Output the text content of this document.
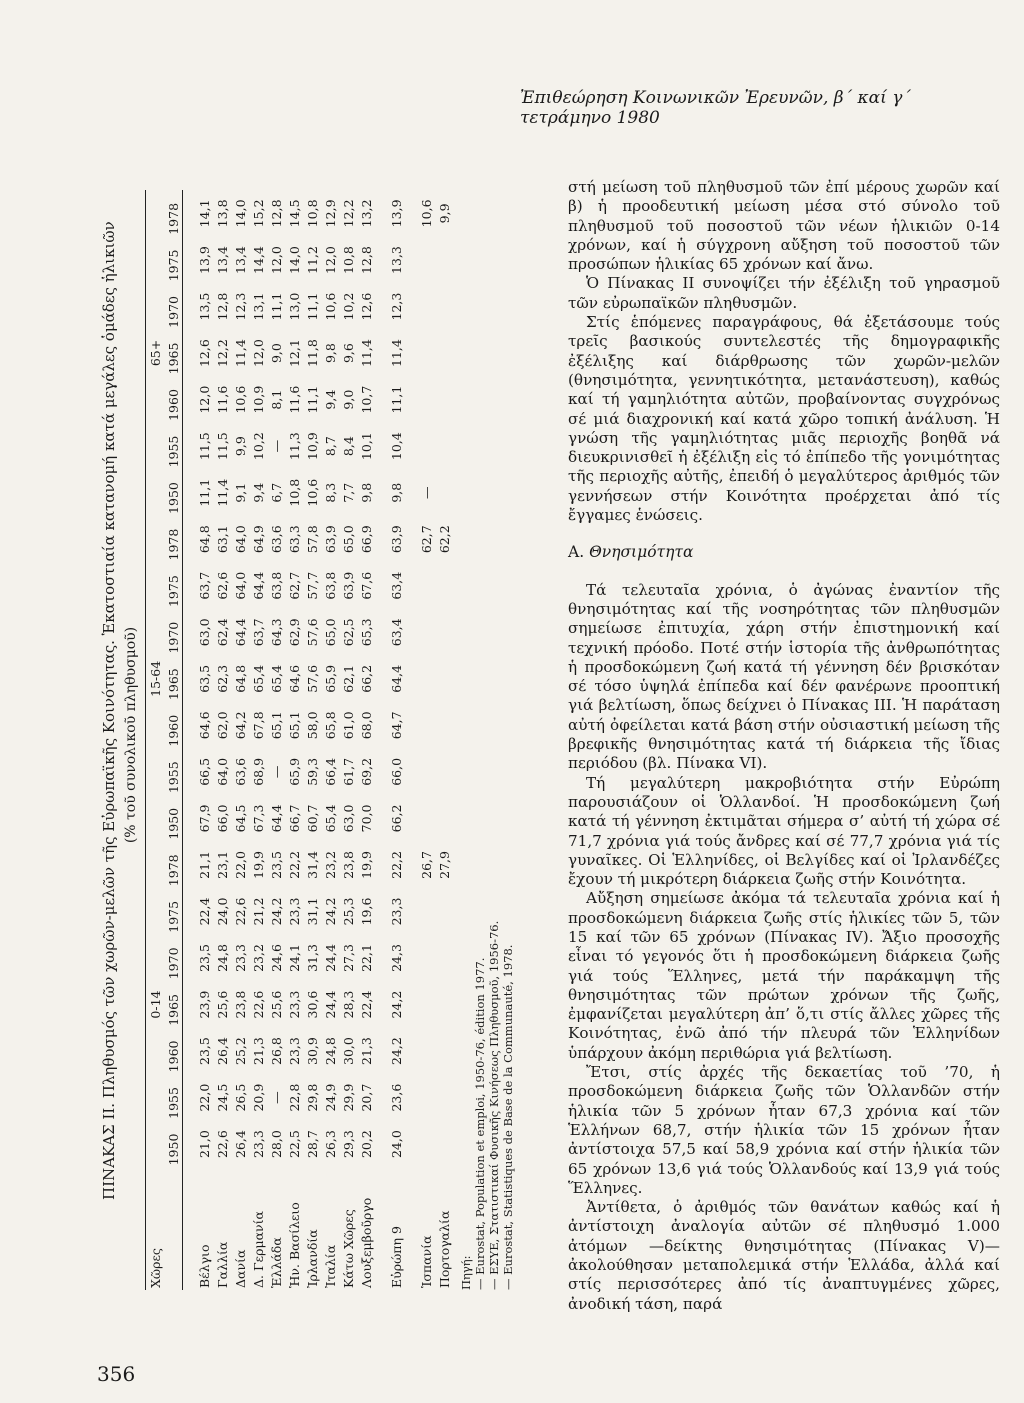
Ἐπιθεώρηση Κοινωνικῶν Ἐρευνῶν, β΄ καί γ΄ τετράμηνο 1980
ΠΙΝΑΚΑΣ ΙΙ. Πληθυσμός τῶν χωρῶν-μελῶν τῆς Εὐρωπαϊκῆς Κοινότητας. Ἑκατοστιαία κατανομή κατά μεγάλες ὁμάδες ἡλικιῶν (% τοῦ συνολικοῦ πληθυσμοῦ)
Χῶρες	0-14							15-64							65+						
	1950	1955	1960	1965	1970	1975	1978	1950	1955	1960	1965	1970	1975	1978	1950	1955	1960	1965	1970	1975	1978

Βέλγιο	21,0	22,0	23,5	23,9	23,5	22,4	21,1	67,9	66,5	64,6	63,5	63,0	63,7	64,8	11,1	11,5	12,0	12,6	13,5	13,9	14,1
Γαλλία	22,6	24,5	26,4	25,6	24,8	24,0	23,1	66,0	64,0	62,0	62,3	62,4	62,6	63,1	11,4	11,5	11,6	12,2	12,8	13,4	13,8
Δανία	26,4	26,5	25,2	23,8	23,3	22,6	22,0	64,5	63,6	64,2	64,8	64,4	64,0	64,0	9,1	9,9	10,6	11,4	12,3	13,4	14,0
Δ. Γερμανία	23,3	20,9	21,3	22,6	23,2	21,2	19,9	67,3	68,9	67,8	65,4	63,7	64,4	64,9	9,4	10,2	10,9	12,0	13,1	14,4	15,2
Ἑλλάδα	28,0	—	26,8	25,6	24,6	24,2	23,5	64,4	—	65,1	65,4	64,3	63,8	63,6	6,7	—	8,1	9,0	11,1	12,0	12,8
Ἡν. Βασίλειο	22,5	22,8	23,3	23,3	24,1	23,3	22,2	66,7	65,9	65,1	64,6	62,9	62,7	63,3	10,8	11,3	11,6	12,1	13,0	14,0	14,5
Ἰρλανδία	28,7	29,8	30,9	30,6	31,3	31,1	31,4	60,7	59,3	58,0	57,6	57,6	57,7	57,8	10,6	10,9	11,1	11,8	11,1	11,2	10,8
Ἰταλία	26,3	24,9	24,8	24,4	24,4	24,2	23,2	65,4	66,4	65,8	65,9	65,0	63,8	63,9	8,3	8,7	9,4	9,8	10,6	12,0	12,9
Κάτω Χῶρες	29,3	29,9	30,0	28,3	27,3	25,3	23,8	63,0	61,7	61,0	62,1	62,5	63,9	65,0	7,7	8,4	9,0	9,6	10,2	10,8	12,2
Λουξεμβοῦργο	20,2	20,7	21,3	22,4	22,1	19,6	19,9	70,0	69,2	68,0	66,2	65,3	67,6	66,9	9,8	10,1	10,7	11,4	12,6	12,8	13,2

Εὐρώπη 9	24,0	23,6	24,2	24,2	24,3	23,3	22,2	66,2	66,0	64,7	64,4	63,4	63,4	63,9	9,8	10,4	11,1	11,4	12,3	13,3	13,9

Ἱσπανία							26,7							62,7	—						10,6
Πορτογαλία							27,9							62,2							9,9
Πηγή: — Eurostat, Population et emploi, 1950-76, édition 1977. — ΕΣΥΕ, Στατιστικαί Φυσικῆς Κινήσεως Πληθυσμοῦ, 1956-76. — Eurostat, Statistiques de Base de la Communauté, 1978.

στή μείωση τοῦ πληθυσμοῦ τῶν ἐπί μέρους χωρῶν καί β) ἡ προοδευτική μείωση μέσα στό σύνολο τοῦ πληθυσμοῦ τοῦ ποσοστοῦ τῶν νέων ἡλικιῶν 0-14 χρόνων, καί ἡ σύγχρονη αὔξηση τοῦ ποσοστοῦ τῶν προσώπων ἡλικίας 65 χρόνων καί ἄνω.

Ὁ Πίνακας ΙΙ συνοψίζει τήν ἐξέλιξη τοῦ γηρασμοῦ τῶν εὐρωπαϊκῶν πληθυσμῶν.

Στίς ἑπόμενες παραγράφους, θά ἐξετάσουμε τούς τρεῖς βασικούς συντελεστές τῆς δημογραφικῆς ἐξέλιξης καί διάρθρωσης τῶν χωρῶν-μελῶν (θνησιμότητα, γεννητικότητα, μετανάστευση), καθώς καί τή γαμηλιότητα αὐτῶν, προβαίνοντας συγχρόνως σέ μιά διαχρονική καί κατά χῶρο τοπική ἀνάλυση. Ἡ γνώση τῆς γαμηλιότητας μιᾶς περιοχῆς βοηθᾶ νά διευκρινισθεῖ ἡ ἐξέλιξη εἰς τό ἐπίπεδο τῆς γονιμότητας τῆς περιοχῆς αὐτῆς, ἐπειδή ὁ μεγαλύτερος ἀριθμός τῶν γεννήσεων στήν Κοινότητα προέρχεται ἀπό τίς ἔγγαμες ἑνώσεις.

Α. Θνησιμότητα

Τά τελευταῖα χρόνια, ὁ ἀγώνας ἐναντίον τῆς θνησιμότητας καί τῆς νοσηρότητας τῶν πληθυσμῶν σημείωσε ἐπιτυχία, χάρη στήν ἐπιστημονική καί τεχνική πρόοδο. Ποτέ στήν ἱστορία τῆς ἀνθρωπότητας ἡ προσδοκώμενη ζωή κατά τή γέννηση δέν βρισκόταν σέ τόσο ὑψηλά ἐπίπεδα καί δέν φανέρωνε προοπτική γιά βελτίωση, ὅπως δείχνει ὁ Πίνακας ΙΙΙ. Ἡ παράταση αὐτή ὀφείλεται κατά βάση στήν οὐσιαστική μείωση τῆς βρεφικῆς θνησιμότητας κατά τή διάρκεια τῆς ἴδιας περιόδου (βλ. Πίνακα VI).

Τή μεγαλύτερη μακροβιότητα στήν Εὐρώπη παρουσιάζουν οἱ Ὁλλανδοί. Ἡ προσδοκώμενη ζωή κατά τή γέννηση ἐκτιμᾶται σήμερα σ’ αὐτή τή χώρα σέ 71,7 χρόνια γιά τούς ἄνδρες καί σέ 77,7 χρόνια γιά τίς γυναῖκες. Οἱ Ἑλληνίδες, οἱ Βελγίδες καί οἱ Ἰρλανδέζες ἔχουν τή μικρότερη διάρκεια ζωῆς στήν Κοινότητα.

Αὔξηση σημείωσε ἀκόμα τά τελευταῖα χρόνια καί ἡ προσδοκώμενη διάρκεια ζωῆς στίς ἡλικίες τῶν 5, τῶν 15 καί τῶν 65 χρόνων (Πίνακας IV). Ἄξιο προσοχῆς εἶναι τό γεγονός ὅτι ἡ προσδοκώμενη διάρκεια ζωῆς γιά τούς Ἕλληνες, μετά τήν παράκαμψη τῆς θνησιμότητας τῶν πρώτων χρόνων τῆς ζωῆς, ἐμφανίζεται μεγαλύτερη ἀπ’ ὅ,τι στίς ἄλλες χῶρες τῆς Κοινότητας, ἐνῶ ἀπό τήν πλευρά τῶν Ἑλληνίδων ὑπάρχουν ἀκόμη περιθώρια γιά βελτίωση.

Ἔτσι, στίς ἀρχές τῆς δεκαετίας τοῦ ’70, ἡ προσδοκώμενη διάρκεια ζωῆς τῶν Ὁλλανδῶν στήν ἡλικία τῶν 5 χρόνων ἦταν 67,3 χρόνια καί τῶν Ἑλλήνων 68,7, στήν ἡλικία τῶν 15 χρόνων ἦταν ἀντίστοιχα 57,5 καί 58,9 χρόνια καί στήν ἡλικία τῶν 65 χρόνων 13,6 γιά τούς Ὁλλανδούς καί 13,9 γιά τούς Ἕλληνες.

Ἀντίθετα, ὁ ἀριθμός τῶν θανάτων καθώς καί ἡ ἀντίστοιχη ἀναλογία αὐτῶν σέ πληθυσμό 1.000 ἀτόμων —δείκτης θνησιμότητας (Πίνακας V)— ἀκολούθησαν μεταπολεμικά στήν Ἑλλάδα, ἀλλά καί στίς περισσότερες ἀπό τίς ἀναπτυγμένες χῶρες, ἀνοδική τάση, παρά

356
